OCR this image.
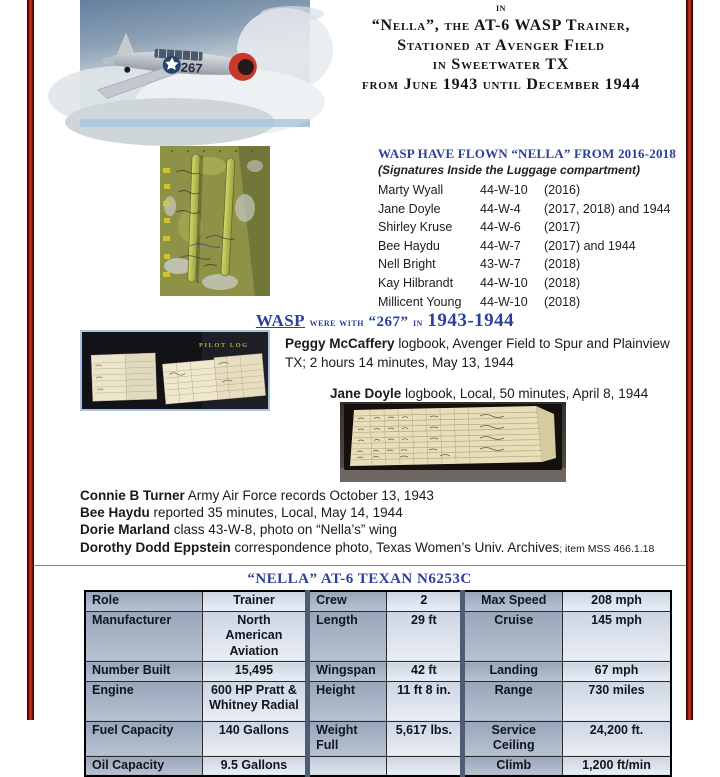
267
in
“Nella”, the AT-6 WASP Trainer,
Stationed at Avenger Field
in Sweetwater TX
from June 1943 until December 1944
WASP HAVE FLOWN “NELLA” FROM 2016-2018
(Signatures Inside the Luggage compartment)
Marty Wyall	44-W-10	(2016)
Jane Doyle	44-W-4	(2017, 2018) and 1944
Shirley Kruse	44-W-6	(2017)
Bee Haydu	44-W-7	(2017) and 1944
Nell Bright	43-W-7	(2018)
Kay Hilbrandt	44-W-10	(2018)
Millicent Young	44-W-10	(2018)
WASP were with “267” in 1943-1944
PILOT LOG	Peggy McCaffery logbook, Avenger Field to Spur and Plainview TX; 2 hours 14 minutes, May 13, 1944
Jane Doyle logbook, Local, 50 minutes, April 8, 1944
Connie B Turner Army Air Force records October 13, 1943
Bee Haydu reported 35 minutes, Local, May 14, 1944
Dorie Marland class 43-W-8, photo on “Nella’s” wing
Dorothy Dodd Eppstein correspondence photo, Texas Women’s Univ. Archives; item MSS 466.1.18
“NELLA” AT-6 TEXAN N6253C
Role	Trainer	Crew	2	Max Speed	208 mph
Manufacturer	North American Aviation	Length	29 ft	Cruise	145 mph
Number Built	15,495	Wingspan	42 ft	Landing	67 mph
Engine	600 HP Pratt & Whitney Radial	Height	11 ft 8 in.	Range	730 miles
Fuel Capacity	140 Gallons	Weight Full	5,617 lbs.	Service Ceiling	24,200 ft.
Oil Capacity	9.5 Gallons			Climb	1,200 ft/min
